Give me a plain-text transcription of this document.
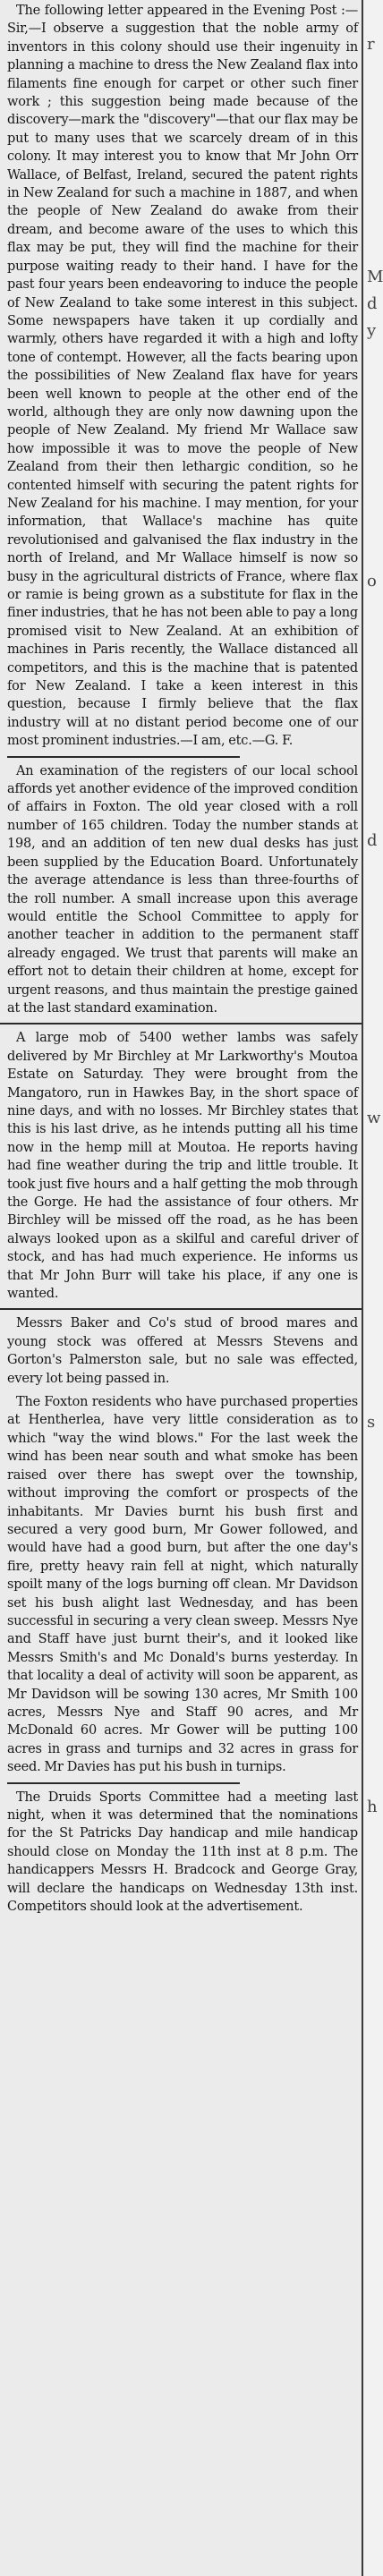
The following letter appeared in the Evening Post :—Sir,—I observe a suggestion that the noble army of inventors in this colony should use their ingenuity in planning a machine to dress the New Zealand flax into filaments fine enough for carpet or other such finer work ; this suggestion being made because of the discovery—mark the "discovery"—that our flax may be put to many uses that we scarcely dream of in this colony. It may interest you to know that Mr John Orr Wallace, of Belfast, Ireland, secured the patent rights in New Zealand for such a machine in 1887, and when the people of New Zealand do awake from their dream, and become aware of the uses to which this flax may be put, they will find the machine for their purpose waiting ready to their hand. I have for the past four years been endeavoring to induce the people of New Zealand to take some interest in this subject. Some newspapers have taken it up cordially and warmly, others have regarded it with a high and lofty tone of contempt. However, all the facts bearing upon the possibilities of New Zealand flax have for years been well known to people at the other end of the world, although they are only now dawning upon the people of New Zealand. My friend Mr Wallace saw how impossible it was to move the people of New Zealand from their then lethargic condition, so he contented himself with securing the patent rights for New Zealand for his machine. I may mention, for your information, that Wallace's machine has quite revolutionised and galvanised the flax industry in the north of Ireland, and Mr Wallace himself is now so busy in the agricultural districts of France, where flax or ramie is being grown as a substitute for flax in the finer industries, that he has not been able to pay a long promised visit to New Zealand. At an exhibition of machines in Paris recently, the Wallace distanced all competitors, and this is the machine that is patented for New Zealand. I take a keen interest in this question, because I firmly believe that the flax industry will at no distant period become one of our most prominent industries.—I am, etc.—G. F.

An examination of the registers of our local school affords yet another evidence of the improved condition of affairs in Foxton. The old year closed with a roll number of 165 children. Today the number stands at 198, and an addition of ten new dual desks has just been supplied by the Education Board. Unfortunately the average attendance is less than three-fourths of the roll number. A small increase upon this average would entitle the School Committee to apply for another teacher in addition to the permanent staff already engaged. We trust that parents will make an effort not to detain their children at home, except for urgent reasons, and thus maintain the prestige gained at the last standard examination.

A large mob of 5400 wether lambs was safely delivered by Mr Birchley at Mr Larkworthy's Moutoa Estate on Saturday. They were brought from the Mangatoro, run in Hawkes Bay, in the short space of nine days, and with no losses. Mr Birchley states that this is his last drive, as he intends putting all his time now in the hemp mill at Moutoa. He reports having had fine weather during the trip and little trouble. It took just five hours and a half getting the mob through the Gorge. He had the assistance of four others. Mr Birchley will be missed off the road, as he has been always looked upon as a skilful and careful driver of stock, and has had much experience. He informs us that Mr John Burr will take his place, if any one is wanted.

Messrs Baker and Co's stud of brood mares and young stock was offered at Messrs Stevens and Gorton's Palmerston sale, but no sale was effected, every lot being passed in.

The Foxton residents who have purchased properties at Hentherlea, have very little consideration as to which "way the wind blows." For the last week the wind has been near south and what smoke has been raised over there has swept over the township, without improving the comfort or prospects of the inhabitants. Mr Davies burnt his bush first and secured a very good burn, Mr Gower followed, and would have had a good burn, but after the one day's fire, pretty heavy rain fell at night, which naturally spoilt many of the logs burning off clean. Mr Davidson set his bush alight last Wednesday, and has been successful in securing a very clean sweep. Messrs Nye and Staff have just burnt their's, and it looked like Messrs Smith's and Mc Donald's burns yesterday. In that locality a deal of activity will soon be apparent, as Mr Davidson will be sowing 130 acres, Mr Smith 100 acres, Messrs Nye and Staff 90 acres, and Mr McDonald 60 acres. Mr Gower will be putting 100 acres in grass and turnips and 32 acres in grass for seed. Mr Davies has put his bush in turnips.

The Druids Sports Committee had a meeting last night, when it was determined that the nominations for the St Patricks Day handicap and mile handicap should close on Monday the 11th inst at 8 p.m. The handicappers Messrs H. Bradcock and George Gray, will declare the handicaps on Wednesday 13th inst. Competitors should look at the advertisement.

r
M
d
y
o
d
w
s
h
